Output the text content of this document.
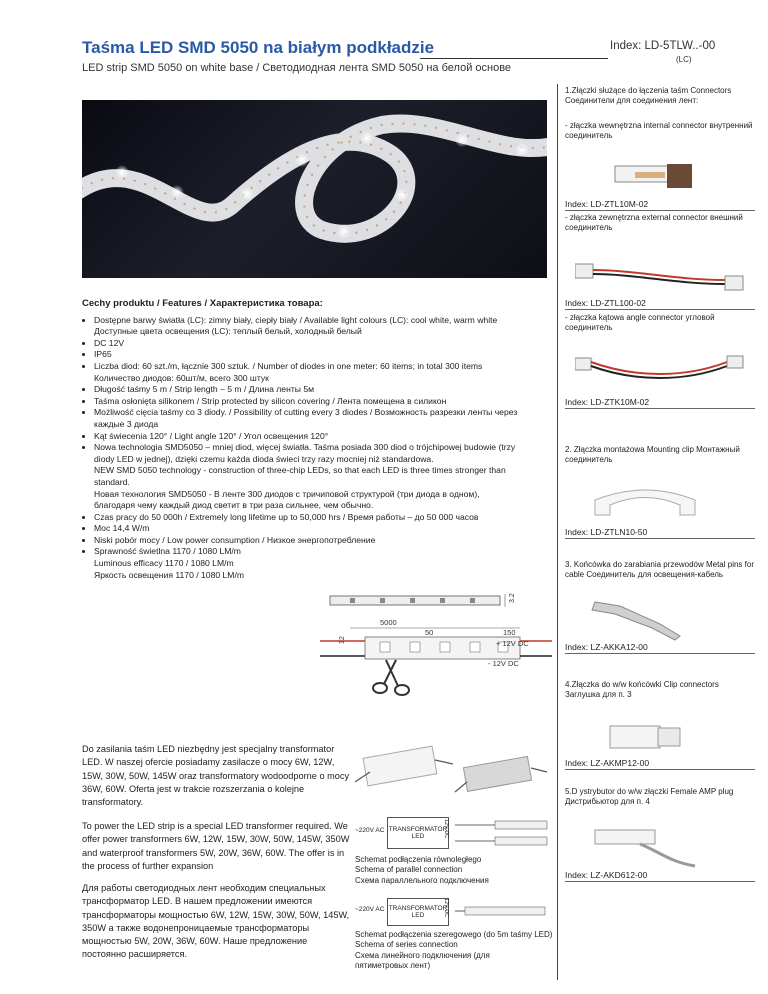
Taśma LED SMD 5050 na białym podkładzie
LED strip SMD 5050 on white base / Светодиодная лента SMD 5050 на белой основе
Index: LD-5TLW..-00
(LC)
Cechy produktu / Features / Характеристика товара:
• Dostępne barwy światła (LC): zimny biały, ciepły biały / Available light colours (LC): cool white, warm white
Доступные цвета освещения (LC): теплый белый, холодный белый
• DC 12V
• IP65
• Liczba diod: 60 szt./m, łącznie 300 sztuk. / Number of diodes in one meter: 60 items; in total 300 items
Количество диодов: 60шт/м, всего 300 штук
• Długość taśmy 5 m / Strip length – 5 m / Длина ленты 5м
• Taśma osłonięta silikonem / Strip protected by silicon covering / Лента помещена в силикон
• Możliwość cięcia taśmy co 3 diody. / Possibility of cutting every 3 diodes / Возможность разрезки ленты через
каждые 3 диода
• Kąt świecenia 120° / Light angle 120° / Угол освещения 120°
• Nowa technologia SMD5050 – mniej diod, więcej światła. Taśma posiada 300 diod o trójchipowej budowie (trzy
diody LED w jednej), dzięki czemu każda dioda świeci trzy razy mocniej niż standardowa.
NEW SMD 5050 technology - construction of three-chip LEDs, so that each LED is three times stronger than
standard.
Новая технология SMD5050 - В ленте 300 диодов с тричиповой структурой (три диода в одном),
благодаря чему каждый диод светит в три раза сильнее, чем обычно.
• Czas pracy do 50 000h / Extremely long lifetime up to 50,000 hrs / Время работы – до 50 000 часов
• Moc 14,4 W/m
• Niski pobór mocy / Low power consumption / Низкое энергопотребление
• Sprawność świetlna 1170 / 1080 LM/m
Luminous efficacy 1170 / 1080 LM/m
Яркость освещения 1170 / 1080 LM/m
3.2
5000
50	150
12	+ 12V DC
- 12V DC
1.Złączki służące do łączenia taśm Connectors Соединители для соединения лент:
- złączka wewnętrzna internal connector внутренний соединитель
Index: LD-ZTL10M-02
- złączka zewnętrzna external connector внешний соединитель
Index: LD-ZTL100-02
- złączka kątowa angle connector угловой соединитель
Index: LD-ZTK10M-02
2. Złączka montażowa Mounting clip Монтажный соединитель
Index: LD-ZTLN10-50
3. Końcówka do zarabiania przewodów Metal pins for cable Соединитель для освещения-кабель
Index: LZ-AKKA12-00
4.Złączka do w/w końcówki Clip connectors Заглушка для п. 3
Index: LZ-AKMP12-00
5.D ystrybutor do w/w złączki Female AMP plug Дистрибьютор для п. 4
Index: LZ-AKD612-00
Do zasilania taśm LED niezbędny jest specjalny transformator LED. W naszej ofercie posiadamy zasilacze o mocy 6W, 12W, 15W, 30W, 50W, 145W oraz transformatory wodoodporne o mocy 36W, 60W. Oferta jest w trakcie rozszerzania o kolejne transformatory.
To power the LED strip is a special LED transformer required. We offer power transformers 6W, 12W, 15W, 30W, 50W, 145W, 350W and waterproof transformers 5W, 20W, 36W, 60W. The offer is in the process of further expansion
Для работы светодиодных лент необходим специальных трансформатор LED. В нашем предложении имеются трансформаторы мощностью 6W, 12W, 15W, 30W, 50W, 145W, 350W а также водонепроницаемые трансформаторы мощностью 5W, 20W, 36W, 60W. Наше предложение постоянно расширяется.
~220V AC TRANSFORMATOR
LED	12V DC
Schemat podłączenia równoległego
Schema of parallel connection
Схема параллельного подключения
~220V AC TRANSFORMATOR
LED	12V DC
Schemat podłączenia szeregowego (do 5m taśmy LED)
Schema of series connection
Схема линейного подключения (для
пятиметровых лент)
